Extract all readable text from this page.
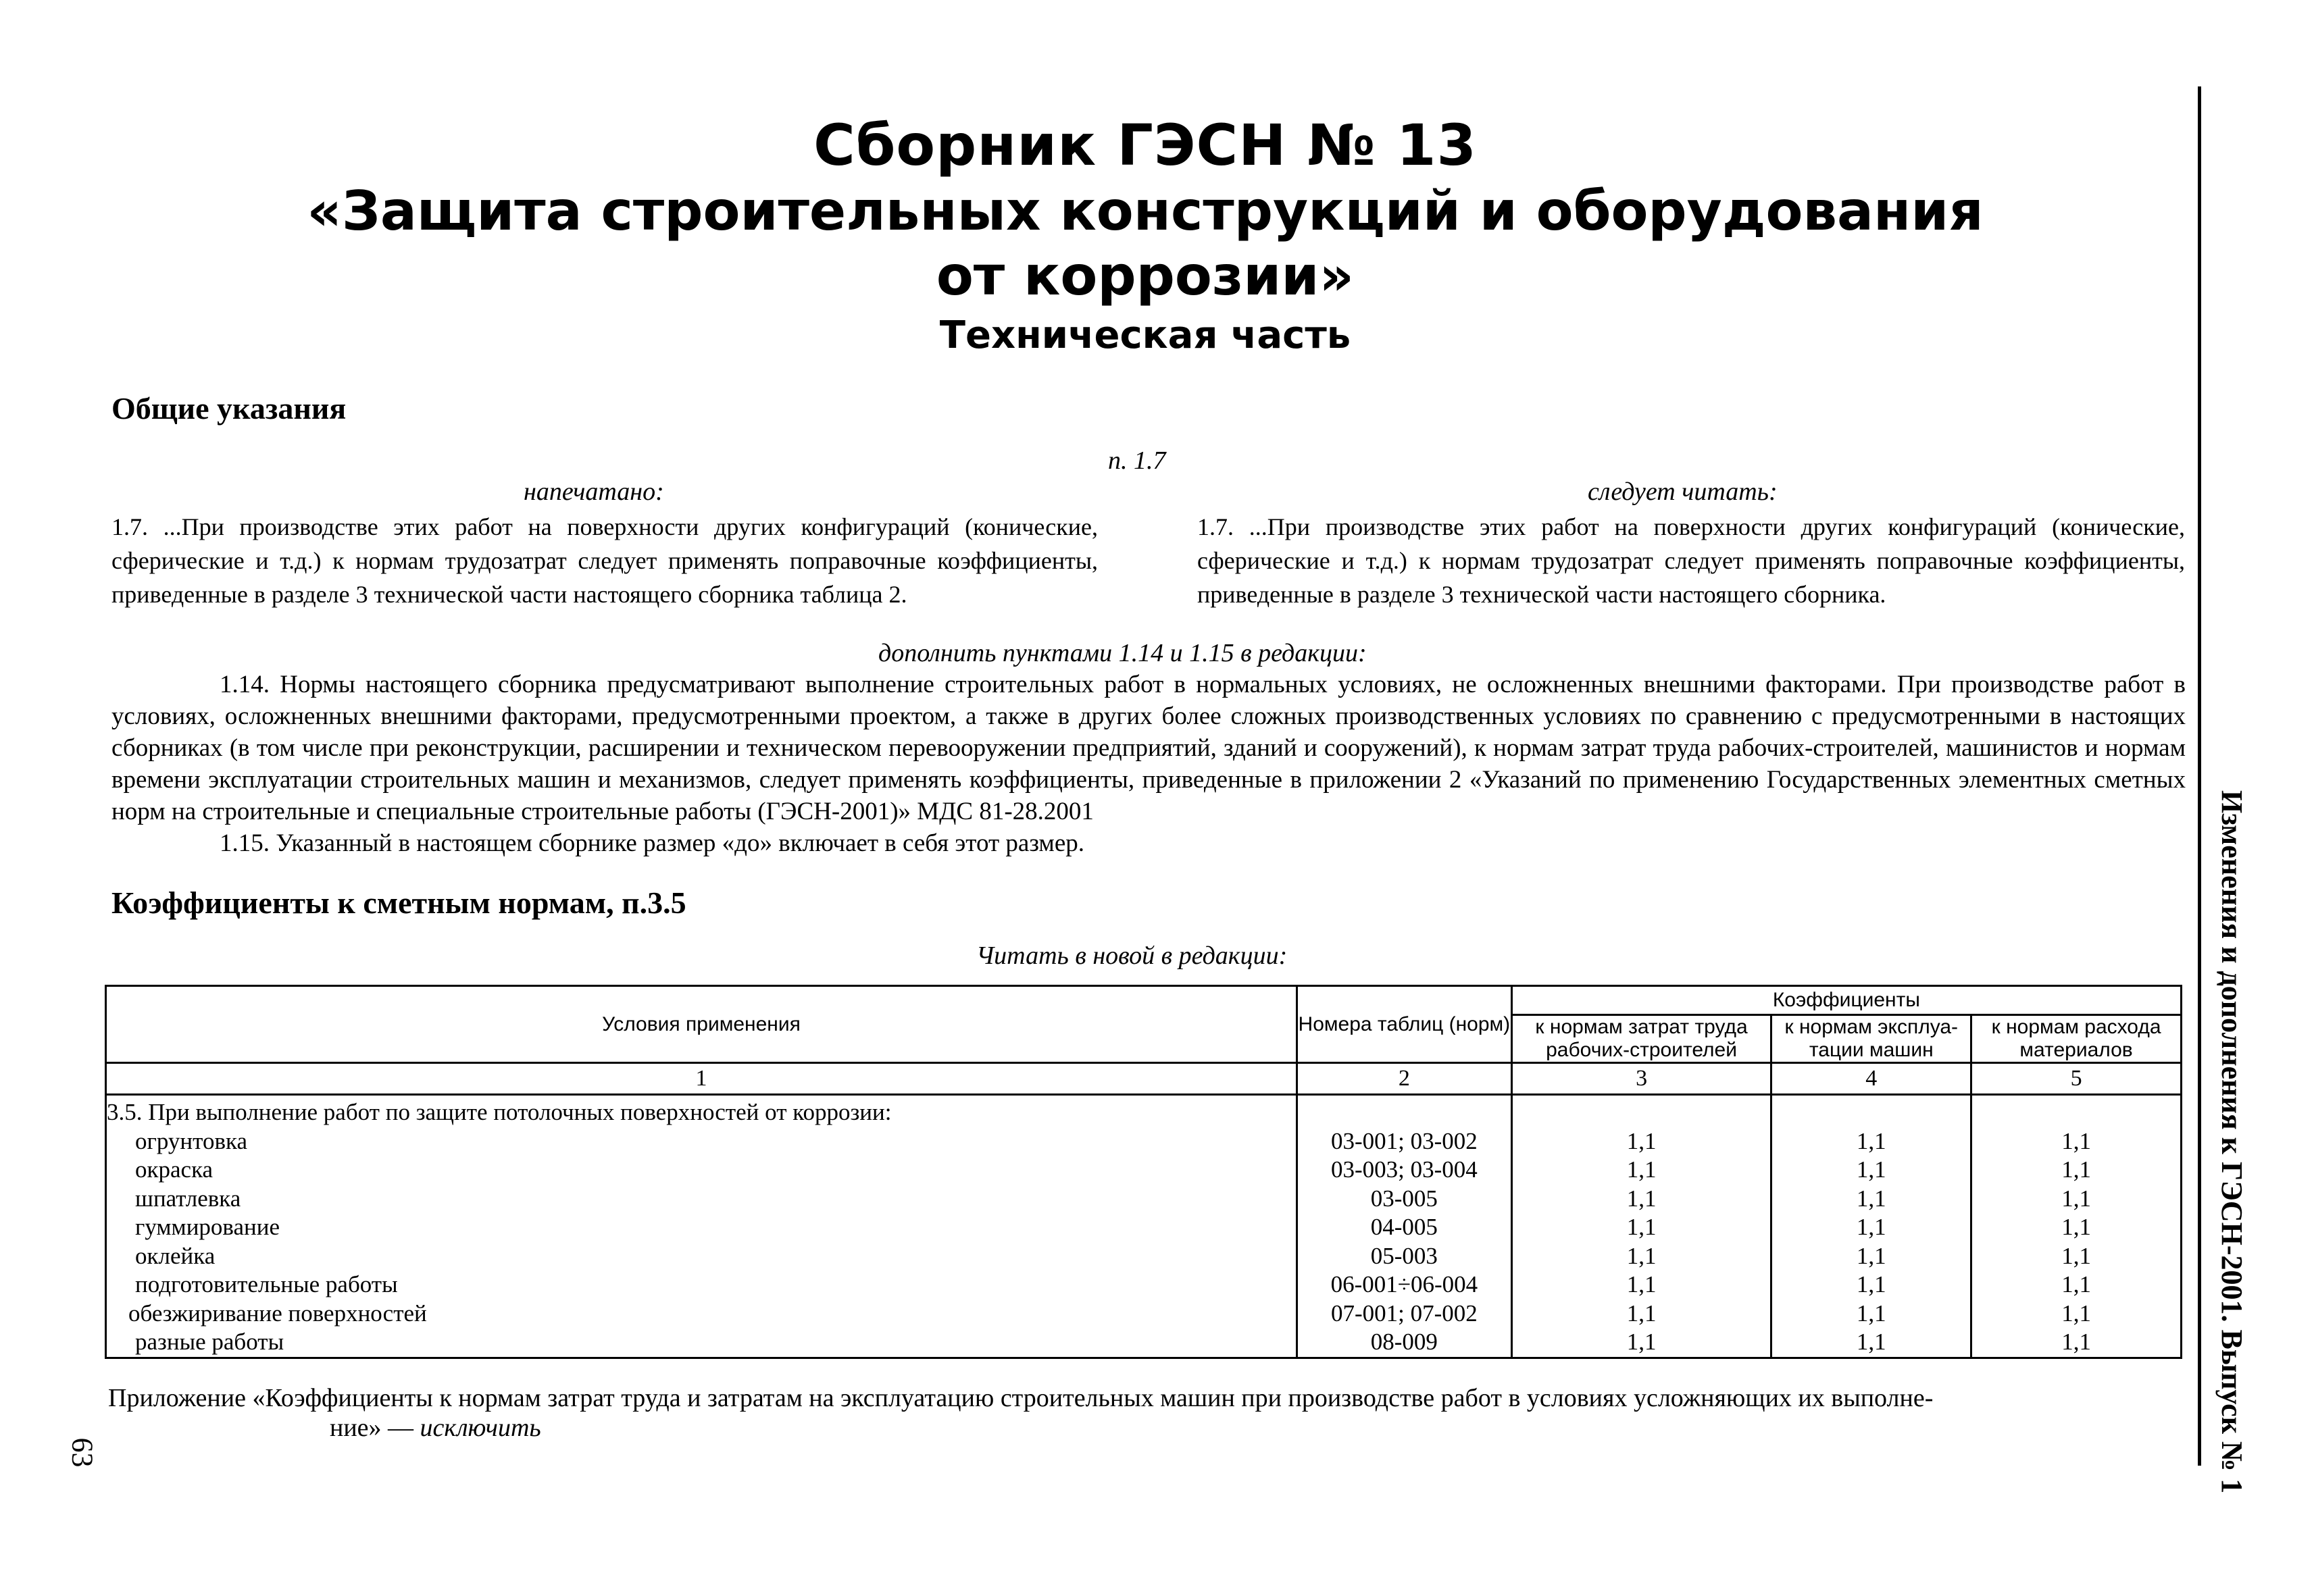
Сборник ГЭСН № 13
«Защита строительных конструкций и оборудования
от коррозии»
Техническая часть
Общие указания
п. 1.7
напечатано:	следует читать:
1.7. ...При производстве этих работ на поверхности других конфигураций (конические, сферические и т.д.) к нормам трудозатрат следует применять поправочные коэффициенты, приведенные в разделе 3 технической части настоящего сборника таблица 2.
1.7. ...При производстве этих работ на поверхности других конфигураций (конические, сферические и т.д.) к нормам трудозатрат следует применять поправочные коэффициенты, приведенные в разделе 3 технической части настоящего сборника.
дополнить пунктами 1.14 и 1.15 в редакции:

1.14. Нормы настоящего сборника предусматривают выполнение строительных работ в нормальных условиях, не осложненных внешними факторами. При производстве работ в условиях, осложненных внешними факторами, предусмотренными проектом, а также в других более сложных производственных условиях по сравнению с предусмотренными в настоящих сборниках (в том числе при реконструкции, расширении и техническом перевооружении предприятий, зданий и сооружений), к нормам затрат труда рабочих-строителей, машинистов и нормам времени эксплуатации строительных машин и механизмов, следует применять коэффициенты, приведенные в приложении 2 «Указаний по применению Государственных элементных сметных норм на строительные и специальные строительные работы (ГЭСН-2001)» МДС 81-28.2001

1.15. Указанный в настоящем сборнике размер «до» включает в себя этот размер.

Коэффициенты к сметным нормам, п.3.5
Читать в новой в редакции:
Условия применения	Номера таблиц (норм)	Коэффициенты		
		к нормам затрат труда рабочих-строителей	к нормам эксплуа-тации машин	к нормам расхода материалов
1	2	3	4	5
3.5. При выполнение работ по защите потолочных поверхностей от коррозии:				
огрунтовка	03-001; 03-002	1,1	1,1	1,1
окраска	03-003; 03-004	1,1	1,1	1,1
шпатлевка	03-005	1,1	1,1	1,1
гуммирование	04-005	1,1	1,1	1,1
оклейка	05-003	1,1	1,1	1,1
подготовительные работы	06-001÷06-004	1,1	1,1	1,1
обезжиривание поверхностей	07-001; 07-002	1,1	1,1	1,1
разные работы	08-009	1,1	1,1	1,1
Приложение «Коэффициенты к нормам затрат труда и затратам на эксплуатацию строительных машин при производстве работ в условиях усложняющих их выполне-
ние» — исключить	Изменения и дополнения к ГЭСН-2001. Выпуск № 1
63
